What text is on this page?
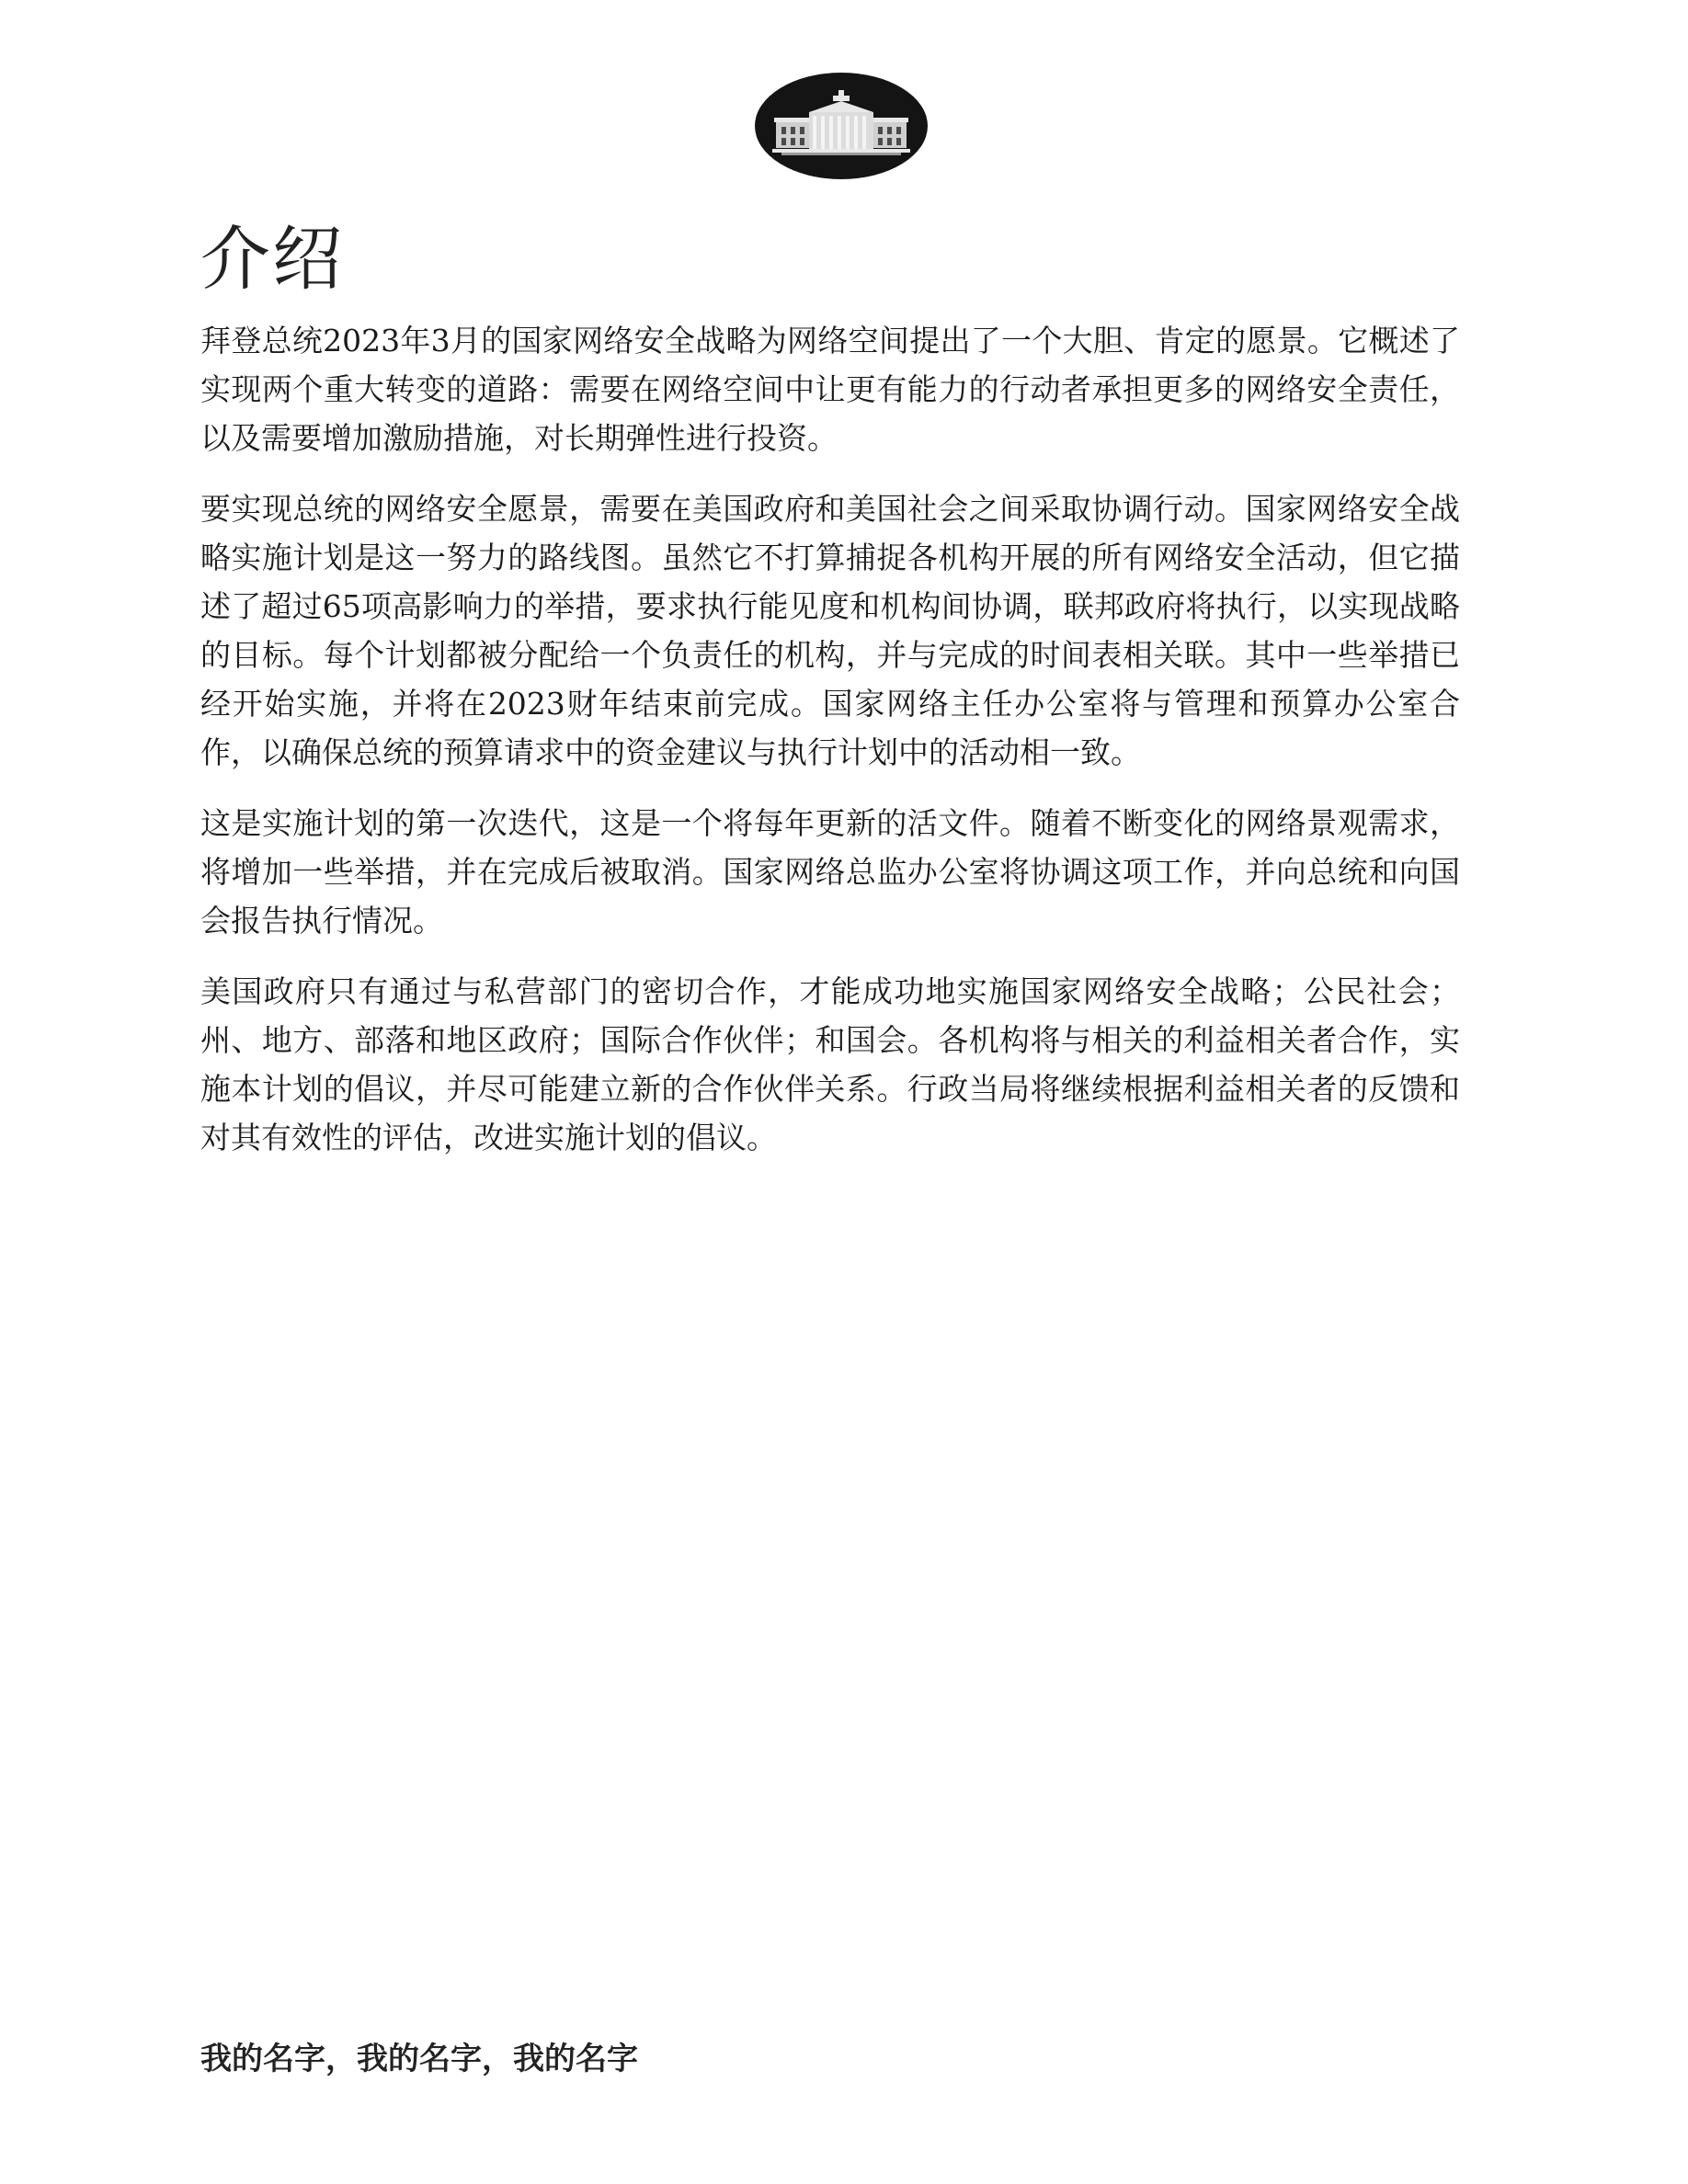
介绍

拜登总统2023年3月的国家网络安全战略为网络空间提出了一个大胆、肯定的愿景。它概述了实现两个重大转变的道路：需要在网络空间中让更有能力的行动者承担更多的网络安全责任，以及需要增加激励措施，对长期弹性进行投资。

要实现总统的网络安全愿景，需要在美国政府和美国社会之间采取协调行动。国家网络安全战略实施计划是这一努力的路线图。虽然它不打算捕捉各机构开展的所有网络安全活动，但它描述了超过65项高影响力的举措，要求执行能见度和机构间协调，联邦政府将执行，以实现战略的目标。每个计划都被分配给一个负责任的机构，并与完成的时间表相关联。其中一些举措已经开始实施，并将在2023财年结束前完成。国家网络主任办公室将与管理和预算办公室合作，以确保总统的预算请求中的资金建议与执行计划中的活动相一致。

这是实施计划的第一次迭代，这是一个将每年更新的活文件。随着不断变化的网络景观需求，将增加一些举措，并在完成后被取消。国家网络总监办公室将协调这项工作，并向总统和向国会报告执行情况。

美国政府只有通过与私营部门的密切合作，才能成功地实施国家网络安全战略；公民社会；州、地方、部落和地区政府；国际合作伙伴；和国会。各机构将与相关的利益相关者合作，实施本计划的倡议，并尽可能建立新的合作伙伴关系。行政当局将继续根据利益相关者的反馈和对其有效性的评估，改进实施计划的倡议。

我的名字，我的名字，我的名字
